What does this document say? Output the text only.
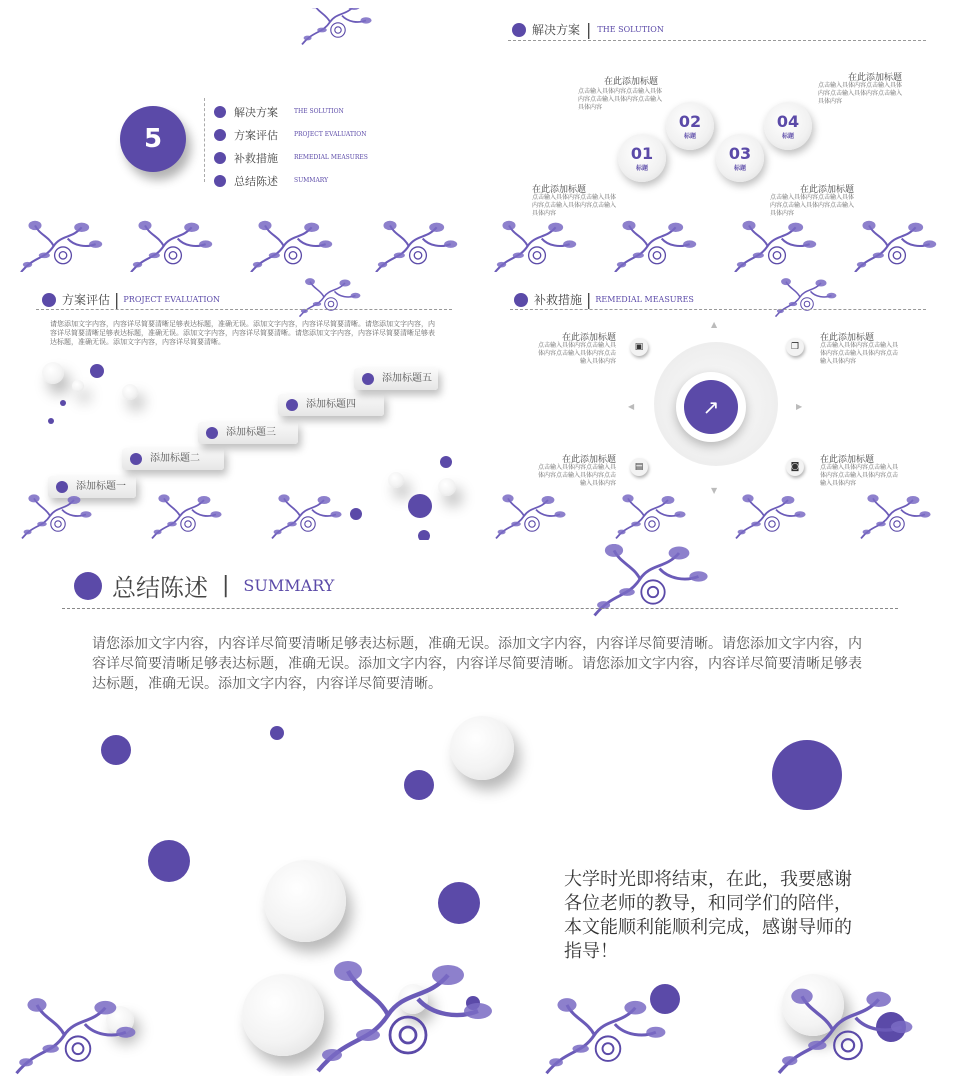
5
解决方案	THE SOLUTION
方案评估	PROJECT EVALUATION
补救措施	REMEDIAL MEASURES
总结陈述	SUMMARY
解决方案 | THE SOLUTION
在此添加标题	在此添加标题
点击输入具体内容点击输入具体内容点击输入具体内容点击输入具体内容
点击输入具体内容点击输入具体内容点击输入具体内容点击输入具体内容
在此添加标题
点击输入具体内容点击输入具体内容点击输入具体内容点击输入具体内容
在此添加标题
点击输入具体内容点击输入具体内容点击输入具体内容点击输入具体内容
01
标题
02
标题
03
标题
04
标题
方案评估 | PROJECT EVALUATION
请您添加文字内容，内容详尽简要清晰足够表达标题，准确无误。添加文字内容，内容详尽简要清晰。请您添加文字内容，内容详尽简要清晰足够表达标题，准确无误。添加文字内容，内容详尽简要清晰。请您添加文字内容，内容详尽简要清晰足够表达标题，准确无误。添加文字内容，内容详尽简要清晰。
添加标题一
添加标题二
添加标题三
添加标题四
添加标题五
补救措施 | REMEDIAL MEASURES
在此添加标题
点击输入具体内容点击输入具体内容点击输入具体内容点击输入具体内容
在此添加标题
点击输入具体内容点击输入具体内容点击输入具体内容点击输入具体内容
在此添加标题
点击输入具体内容点击输入具体内容点击输入具体内容点击输入具体内容
在此添加标题
点击输入具体内容点击输入具体内容点击输入具体内容点击输入具体内容
▣	❐
▤	◙
↗
▲
▼
◀	▶
总结陈述 | SUMMARY
请您添加文字内容，内容详尽简要清晰足够表达标题，准确无误。添加文字内容，内容详尽简要清晰。请您添加文字内容，内容详尽简要清晰足够表达标题，准确无误。添加文字内容，内容详尽简要清晰。请您添加文字内容，内容详尽简要清晰足够表达标题，准确无误。添加文字内容，内容详尽简要清晰。
大学时光即将结束，在此，我要感谢各位老师的教导，和同学们的陪伴，本文能顺利能顺利完成，感谢导师的指导！
